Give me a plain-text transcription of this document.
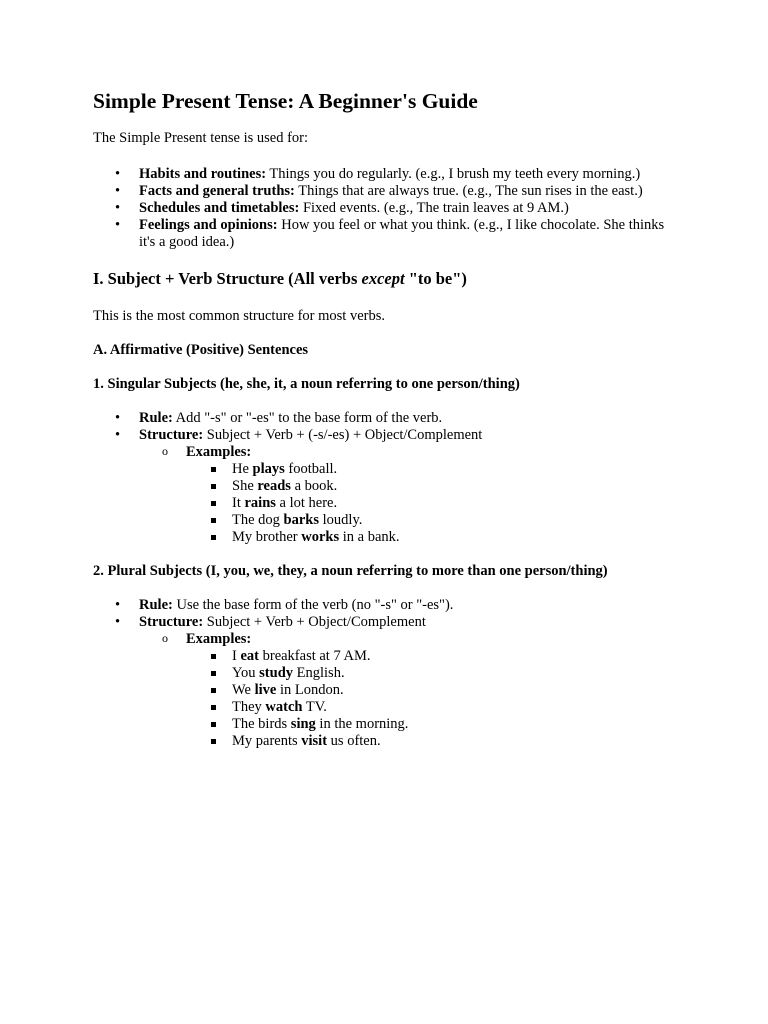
Simple Present Tense: A Beginner's Guide

The Simple Present tense is used for:

• Habits and routines: Things you do regularly. (e.g., I brush my teeth every morning.)
• Facts and general truths: Things that are always true. (e.g., The sun rises in the east.)
• Schedules and timetables: Fixed events. (e.g., The train leaves at 9 AM.)
• Feelings and opinions: How you feel or what you think. (e.g., I like chocolate. She thinks it's a good idea.)
I. Subject + Verb Structure (All verbs except "to be")

This is the most common structure for most verbs.

A. Affirmative (Positive) Sentences
1. Singular Subjects (he, she, it, a noun referring to one person/thing)
• Rule: Add "-s" or "-es" to the base form of the verb.
• Structure: Subject + Verb + (-s/-es) + Object/Complement
o Examples:
He plays football.
She reads a book.
It rains a lot here.
The dog barks loudly.
My brother works in a bank.
2. Plural Subjects (I, you, we, they, a noun referring to more than one person/thing)
• Rule: Use the base form of the verb (no "-s" or "-es").
• Structure: Subject + Verb + Object/Complement
o Examples:
I eat breakfast at 7 AM.
You study English.
We live in London.
They watch TV.
The birds sing in the morning.
My parents visit us often.
